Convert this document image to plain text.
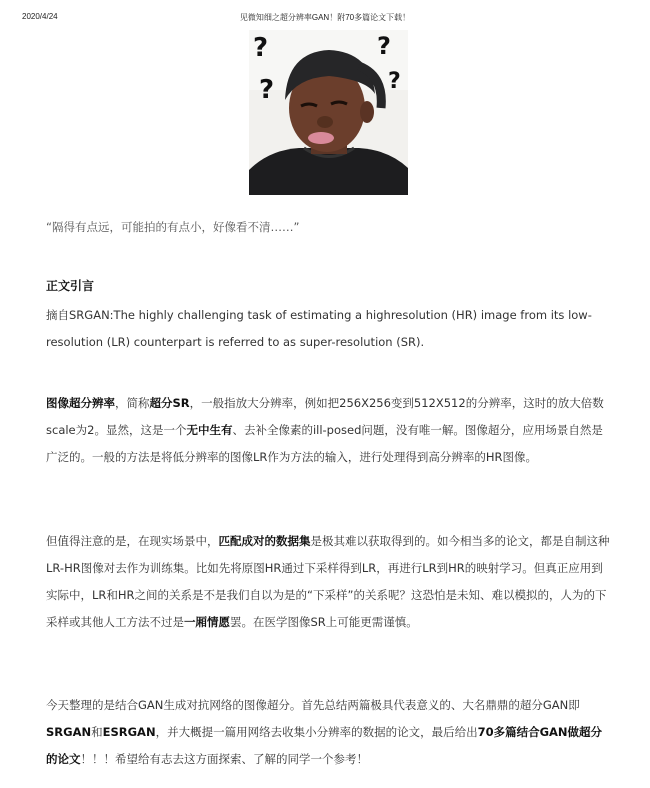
2020/4/24	见微知细之超分辨率GAN！附70多篇论文下载！
?
?
?
?
“隔得有点远，可能拍的有点小，好像看不清……”
正文引言
摘自SRGAN:The highly challenging task of estimating a highresolution (HR) image from its low-resolution (LR) counterpart is referred to as super-resolution (SR).
图像超分辨率，简称超分SR，一般指放大分辨率，例如把256X256变到512X512的分辨率，这时的放大倍数scale为2。显然，这是一个无中生有、去补全像素的ill-posed问题，没有唯一解。图像超分，应用场景自然是广泛的。一般的方法是将低分辨率的图像LR作为方法的输入，进行处理得到高分辨率的HR图像。
但值得注意的是，在现实场景中，匹配成对的数据集是极其难以获取得到的。如今相当多的论文，都是自制这种LR-HR图像对去作为训练集。比如先将原图HR通过下采样得到LR，再进行LR到HR的映射学习。但真正应用到实际中，LR和HR之间的关系是不是我们自以为是的“下采样”的关系呢？这恐怕是未知、难以模拟的，人为的下采样或其他人工方法不过是一厢情愿罢。在医学图像SR上可能更需谨慎。
今天整理的是结合GAN生成对抗网络的图像超分。首先总结两篇极具代表意义的、大名鼎鼎的超分GAN即SRGAN和ESRGAN，并大概提一篇用网络去收集小分辨率的数据的论文，最后给出70多篇结合GAN做超分的论文！！！希望给有志去这方面探索、了解的同学一个参考！
